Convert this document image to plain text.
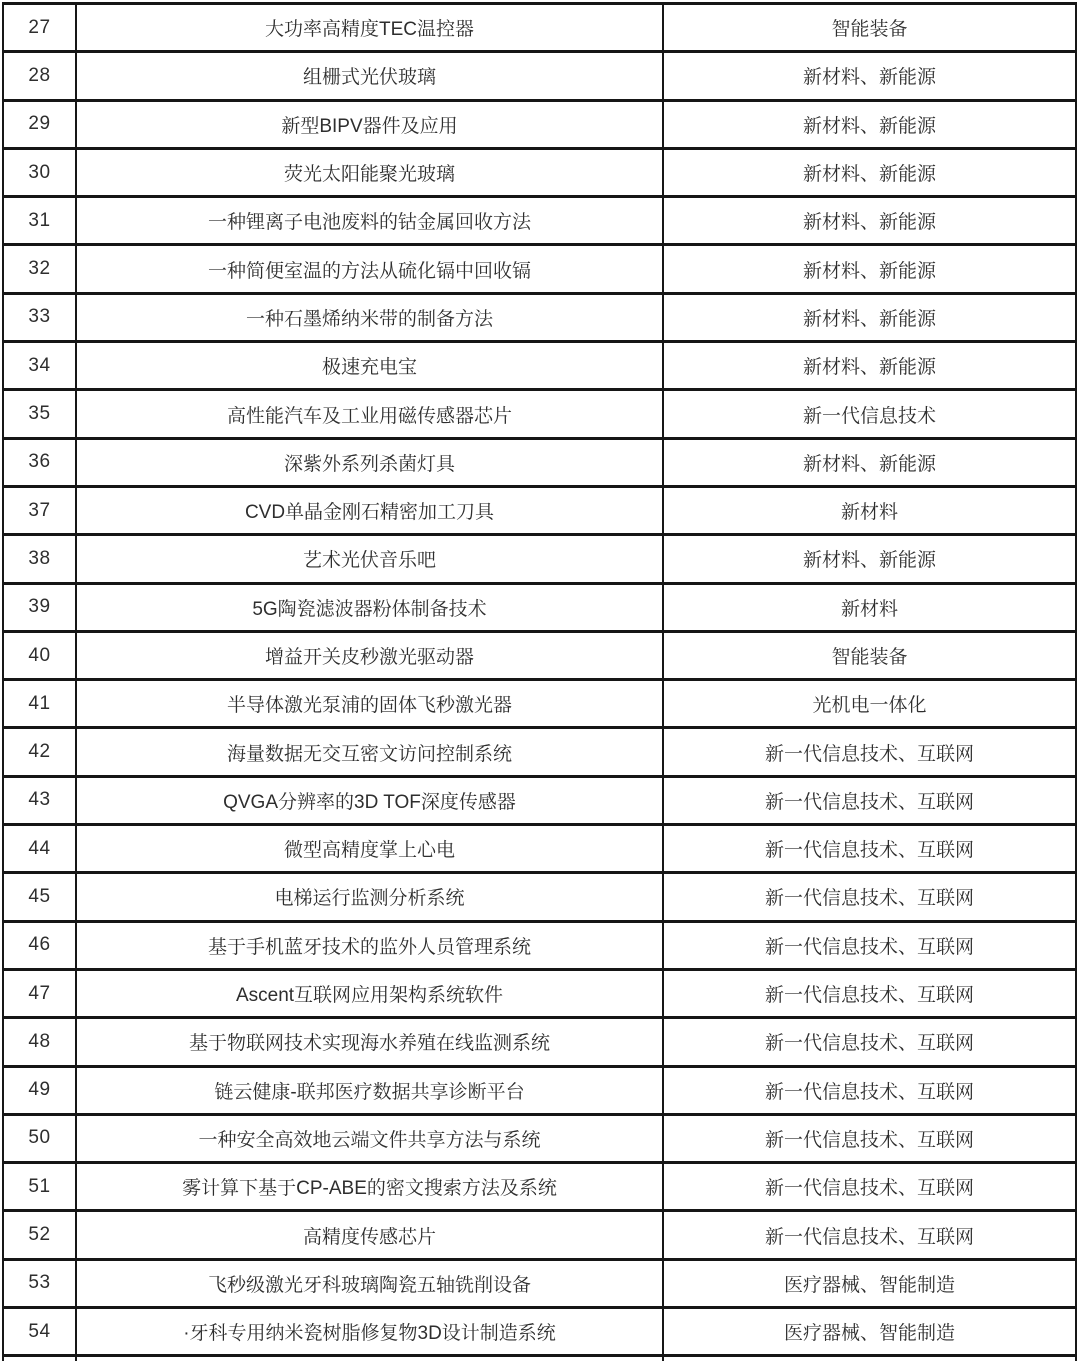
27	大功率高精度TEC温控器	智能装备
28	组栅式光伏玻璃	新材料、新能源
29	新型BIPV器件及应用	新材料、新能源
30	荧光太阳能聚光玻璃	新材料、新能源
31	一种锂离子电池废料的钴金属回收方法	新材料、新能源
32	一种简便室温的方法从硫化镉中回收镉	新材料、新能源
33	一种石墨烯纳米带的制备方法	新材料、新能源
34	极速充电宝	新材料、新能源
35	高性能汽车及工业用磁传感器芯片	新一代信息技术
36	深紫外系列杀菌灯具	新材料、新能源
37	CVD单晶金刚石精密加工刀具	新材料
38	艺术光伏音乐吧	新材料、新能源
39	5G陶瓷滤波器粉体制备技术	新材料
40	增益开关皮秒激光驱动器	智能装备
41	半导体激光泵浦的固体飞秒激光器	光机电一体化
42	海量数据无交互密文访问控制系统	新一代信息技术、互联网
43	QVGA分辨率的3D TOF深度传感器	新一代信息技术、互联网
44	微型高精度掌上心电	新一代信息技术、互联网
45	电梯运行监测分析系统	新一代信息技术、互联网
46	基于手机蓝牙技术的监外人员管理系统	新一代信息技术、互联网
47	Ascent互联网应用架构系统软件	新一代信息技术、互联网
48	基于物联网技术实现海水养殖在线监测系统	新一代信息技术、互联网
49	链云健康-联邦医疗数据共享诊断平台	新一代信息技术、互联网
50	一种安全高效地云端文件共享方法与系统	新一代信息技术、互联网
51	雾计算下基于CP-ABE的密文搜索方法及系统	新一代信息技术、互联网
52	高精度传感芯片	新一代信息技术、互联网
53	飞秒级激光牙科玻璃陶瓷五轴铣削设备	医疗器械、智能制造
54	·牙科专用纳米瓷树脂修复物3D设计制造系统	医疗器械、智能制造
